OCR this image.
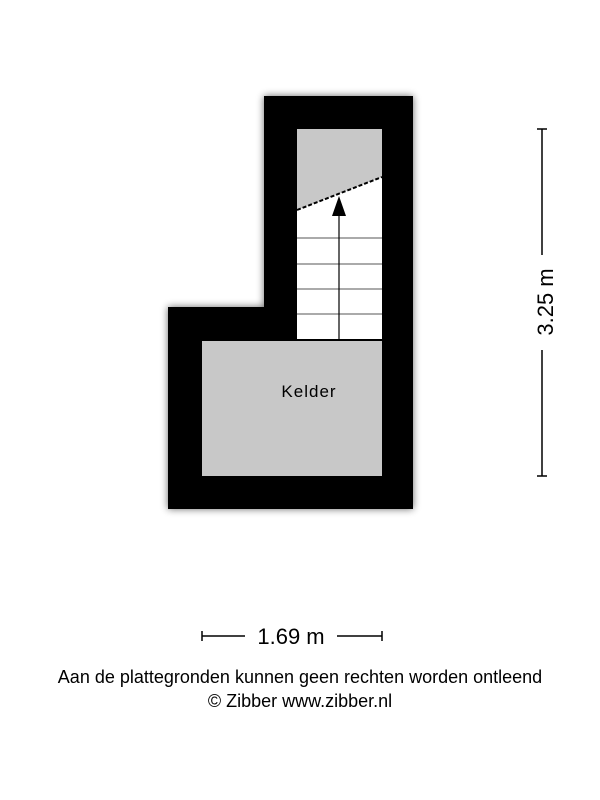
Kelder
3.25 m
1.69 m
Aan de plattegronden kunnen geen rechten worden ontleend
© Zibber www.zibber.nl
